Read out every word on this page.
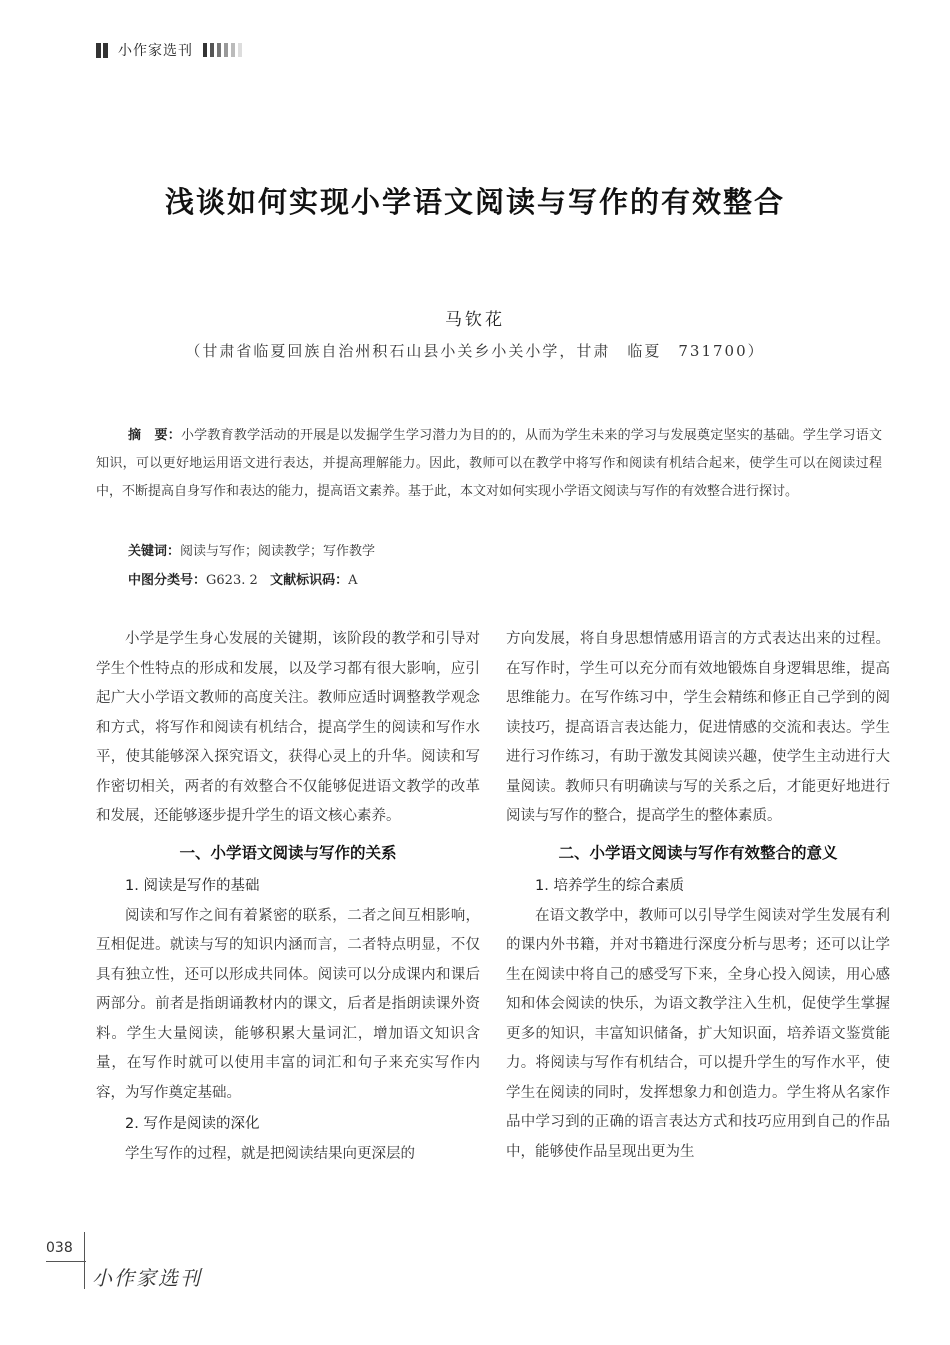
小作家选刊
浅谈如何实现小学语文阅读与写作的有效整合

马钦花

（甘肃省临夏回族自治州积石山县小关乡小关小学，甘肃　临夏　731700）

摘　要：小学教育教学活动的开展是以发掘学生学习潜力为目的的，从而为学生未来的学习与发展奠定坚实的基础。学生学习语文知识，可以更好地运用语文进行表达，并提高理解能力。因此，教师可以在教学中将写作和阅读有机结合起来，使学生可以在阅读过程中，不断提高自身写作和表达的能力，提高语文素养。基于此，本文对如何实现小学语文阅读与写作的有效整合进行探讨。

关键词：阅读与写作；阅读教学；写作教学

中图分类号：G623. 2 文献标识码：A

小学是学生身心发展的关键期，该阶段的教学和引导对学生个性特点的形成和发展，以及学习都有很大影响，应引起广大小学语文教师的高度关注。教师应适时调整教学观念和方式，将写作和阅读有机结合，提高学生的阅读和写作水平，使其能够深入探究语文，获得心灵上的升华。阅读和写作密切相关，两者的有效整合不仅能够促进语文教学的改革和发展，还能够逐步提升学生的语文核心素养。

一、小学语文阅读与写作的关系
1. 阅读是写作的基础

阅读和写作之间有着紧密的联系，二者之间互相影响，互相促进。就读与写的知识内涵而言，二者特点明显，不仅具有独立性，还可以形成共同体。阅读可以分成课内和课后两部分。前者是指朗诵教材内的课文，后者是指朗读课外资料。学生大量阅读，能够积累大量词汇，增加语文知识含量，在写作时就可以使用丰富的词汇和句子来充实写作内容，为写作奠定基础。

2. 写作是阅读的深化

学生写作的过程，就是把阅读结果向更深层的

方向发展，将自身思想情感用语言的方式表达出来的过程。在写作时，学生可以充分而有效地锻炼自身逻辑思维，提高思维能力。在写作练习中，学生会精练和修正自己学到的阅读技巧，提高语言表达能力，促进情感的交流和表达。学生进行习作练习，有助于激发其阅读兴趣，使学生主动进行大量阅读。教师只有明确读与写的关系之后，才能更好地进行阅读与写作的整合，提高学生的整体素质。

二、小学语文阅读与写作有效整合的意义
1. 培养学生的综合素质

在语文教学中，教师可以引导学生阅读对学生发展有利的课内外书籍，并对书籍进行深度分析与思考；还可以让学生在阅读中将自己的感受写下来，全身心投入阅读，用心感知和体会阅读的快乐，为语文教学注入生机，促使学生掌握更多的知识，丰富知识储备，扩大知识面，培养语文鉴赏能力。将阅读与写作有机结合，可以提升学生的写作水平，使学生在阅读的同时，发挥想象力和创造力。学生将从名家作品中学习到的正确的语言表达方式和技巧应用到自己的作品中，能够使作品呈现出更为生

038
小作家选刊
